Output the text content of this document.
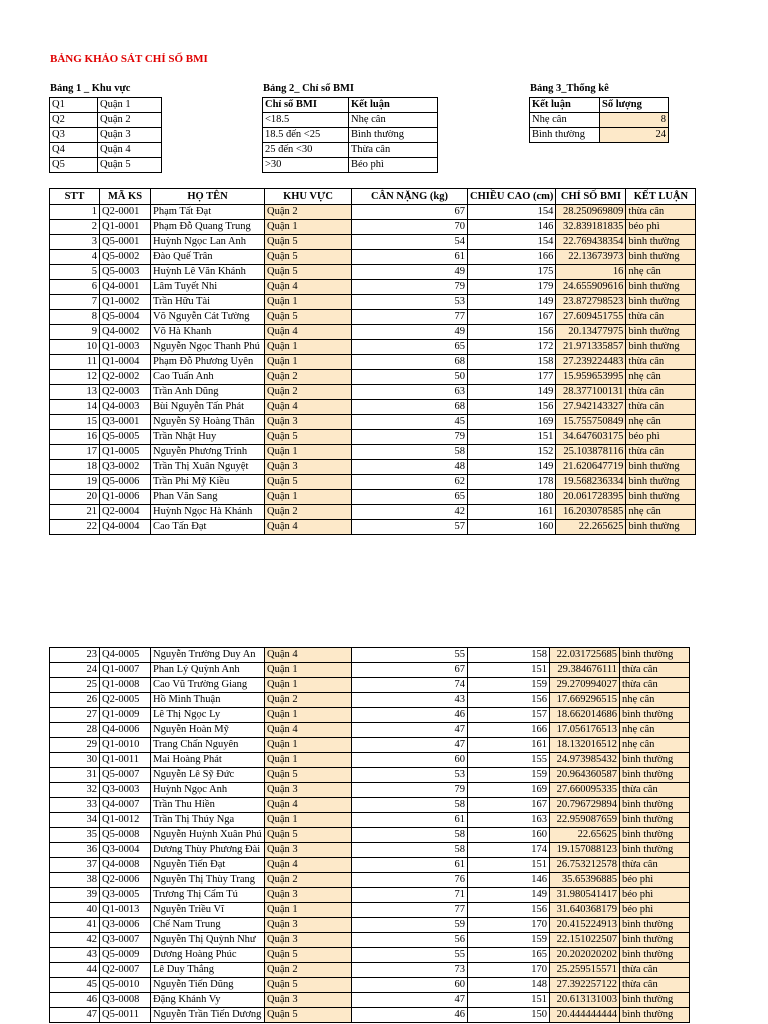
BẢNG KHẢO SÁT CHỈ SỐ BMI
Bảng 1 _ Khu vực	Bảng 2_ Chỉ số BMI	Bảng 3_Thống kê
Q1	Quận 1
Q2	Quận 2
Q3	Quận 3
Q4	Quận 4
Q5	Quận 5
Chỉ số BMI	Kết luận
<18.5	Nhẹ cân
18.5 đến <25	Bình thường
25 đến <30	Thừa cân
>30	Béo phì
Kết luận	Số lượng
Nhẹ cân	8
Bình thường	24
STT	MÃ KS	HỌ TÊN	KHU VỰC	CÂN NẶNG (kg)	CHIỀU CAO (cm)	CHỈ SỐ BMI	KẾT LUẬN
1	Q2-0001	Phạm Tất Đạt	Quận 2	67	154	28.250969809	thừa cân
2	Q1-0001	Phạm Đỗ Quang Trung	Quận 1	70	146	32.839181835	béo phì
3	Q5-0001	Huỳnh Ngọc Lan Anh	Quận 5	54	154	22.769438354	bình thường
4	Q5-0002	Đào Quế Trân	Quận 5	61	166	22.13673973	bình thường
5	Q5-0003	Huỳnh Lê Văn Khánh	Quận 5	49	175	16	nhẹ cân
6	Q4-0001	Lâm Tuyết Nhi	Quận 4	79	179	24.655909616	bình thường
7	Q1-0002	Trần Hữu Tài	Quận 1	53	149	23.872798523	bình thường
8	Q5-0004	Võ Nguyễn Cát Tường	Quận 5	77	167	27.609451755	thừa cân
9	Q4-0002	Võ Hà Khanh	Quận 4	49	156	20.13477975	bình thường
10	Q1-0003	Nguyễn Ngọc Thanh Phú	Quận 1	65	172	21.971335857	bình thường
11	Q1-0004	Phạm Đỗ Phương Uyên	Quận 1	68	158	27.239224483	thừa cân
12	Q2-0002	Cao Tuấn Anh	Quận 2	50	177	15.959653995	nhẹ cân
13	Q2-0003	Trần Anh Dũng	Quận 2	63	149	28.377100131	thừa cân
14	Q4-0003	Bùi Nguyễn Tấn Phát	Quận 4	68	156	27.942143327	thừa cân
15	Q3-0001	Nguyễn Sỹ Hoàng Thân	Quận 3	45	169	15.755750849	nhẹ cân
16	Q5-0005	Trần Nhật Huy	Quận 5	79	151	34.647603175	béo phì
17	Q1-0005	Nguyễn Phương Trinh	Quận 1	58	152	25.103878116	thừa cân
18	Q3-0002	Trần Thị Xuân Nguyệt	Quận 3	48	149	21.620647719	bình thường
19	Q5-0006	Trần Phi Mỹ Kiều	Quận 5	62	178	19.568236334	bình thường
20	Q1-0006	Phan Văn Sang	Quận 1	65	180	20.061728395	bình thường
21	Q2-0004	Huỳnh Ngọc Hà Khánh	Quận 2	42	161	16.203078585	nhẹ cân
22	Q4-0004	Cao Tấn Đạt	Quận 4	57	160	22.265625	bình thường
23	Q4-0005	Nguyễn Trường Duy An	Quận 4	55	158	22.031725685	bình thường
24	Q1-0007	Phan Lý Quỳnh Anh	Quận 1	67	151	29.384676111	thừa cân
25	Q1-0008	Cao Vũ Trường Giang	Quận 1	74	159	29.270994027	thừa cân
26	Q2-0005	Hồ Minh Thuận	Quận 2	43	156	17.669296515	nhẹ cân
27	Q1-0009	Lê Thị Ngọc Ly	Quận 1	46	157	18.662014686	bình thường
28	Q4-0006	Nguyễn Hoàn Mỹ	Quận 4	47	166	17.056176513	nhẹ cân
29	Q1-0010	Trang Chấn Nguyên	Quận 1	47	161	18.132016512	nhẹ cân
30	Q1-0011	Mai Hoàng Phát	Quận 1	60	155	24.973985432	bình thường
31	Q5-0007	Nguyễn Lê Sỹ Đức	Quận 5	53	159	20.964360587	bình thường
32	Q3-0003	Huỳnh Ngọc Anh	Quận 3	79	169	27.660095335	thừa cân
33	Q4-0007	Trần Thu Hiền	Quận 4	58	167	20.796729894	bình thường
34	Q1-0012	Trần Thị Thúy Nga	Quận 1	61	163	22.959087659	bình thường
35	Q5-0008	Nguyễn Huỳnh Xuân Phú	Quận 5	58	160	22.65625	bình thường
36	Q3-0004	Dương Thùy Phương Đài	Quận 3	58	174	19.157088123	bình thường
37	Q4-0008	Nguyễn Tiến Đạt	Quận 4	61	151	26.753212578	thừa cân
38	Q2-0006	Nguyễn Thị Thùy Trang	Quận 2	76	146	35.65396885	béo phì
39	Q3-0005	Trương Thị Cẩm Tú	Quận 3	71	149	31.980541417	béo phì
40	Q1-0013	Nguyễn Triều Vĩ	Quận 1	77	156	31.640368179	béo phì
41	Q3-0006	Chế Nam Trung	Quận 3	59	170	20.415224913	bình thường
42	Q3-0007	Nguyễn Thị Quỳnh Như	Quận 3	56	159	22.151022507	bình thường
43	Q5-0009	Dương Hoàng Phúc	Quận 5	55	165	20.202020202	bình thường
44	Q2-0007	Lê Duy Thắng	Quận 2	73	170	25.259515571	thừa cân
45	Q5-0010	Nguyễn Tiến Dũng	Quận 5	60	148	27.392257122	thừa cân
46	Q3-0008	Đặng Khánh Vy	Quận 3	47	151	20.613131003	bình thường
47	Q5-0011	Nguyễn Trần Tiến Dương	Quận 5	46	150	20.444444444	bình thường
